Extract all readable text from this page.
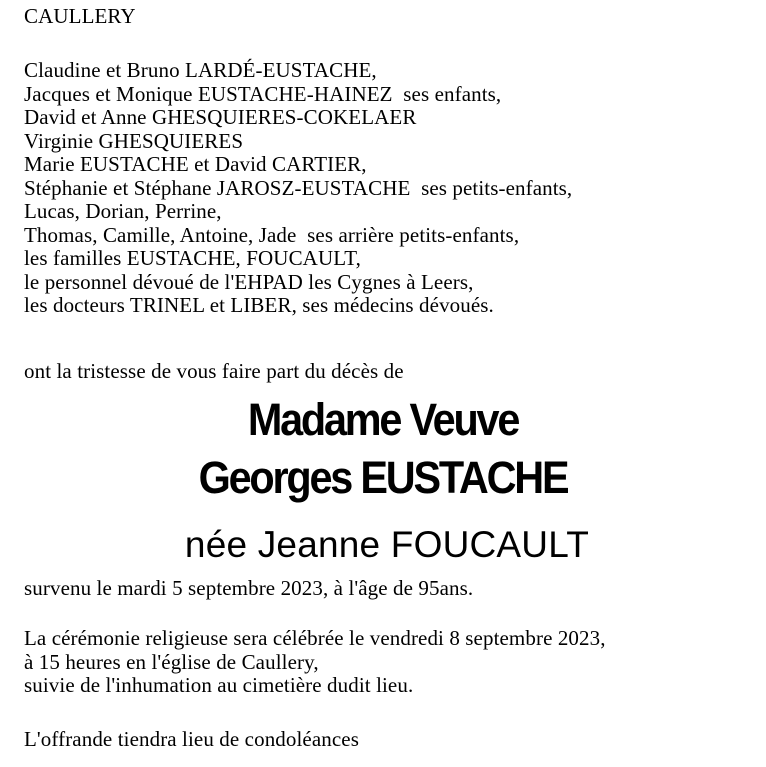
CAULLERY
Claudine et Bruno LARDÉ-EUSTACHE,
Jacques et Monique EUSTACHE-HAINEZ  ses enfants,
David et Anne GHESQUIERES-COKELAER
Virginie GHESQUIERES
Marie EUSTACHE et David CARTIER,
Stéphanie et Stéphane JAROSZ-EUSTACHE  ses petits-enfants,
Lucas, Dorian, Perrine,
Thomas, Camille, Antoine, Jade  ses arrière petits-enfants,
les familles EUSTACHE, FOUCAULT,
le personnel dévoué de l'EHPAD les Cygnes à Leers,
les docteurs TRINEL et LIBER, ses médecins dévoués.
ont la tristesse de vous faire part du décès de
Madame Veuve
Georges EUSTACHE
née Jeanne FOUCAULT
survenu le mardi 5 septembre 2023, à l'âge de 95ans.
La cérémonie religieuse sera célébrée le vendredi 8 septembre 2023,
à 15 heures en l'église de Caullery,
suivie de l'inhumation au cimetière dudit lieu.
L'offrande tiendra lieu de condoléances
